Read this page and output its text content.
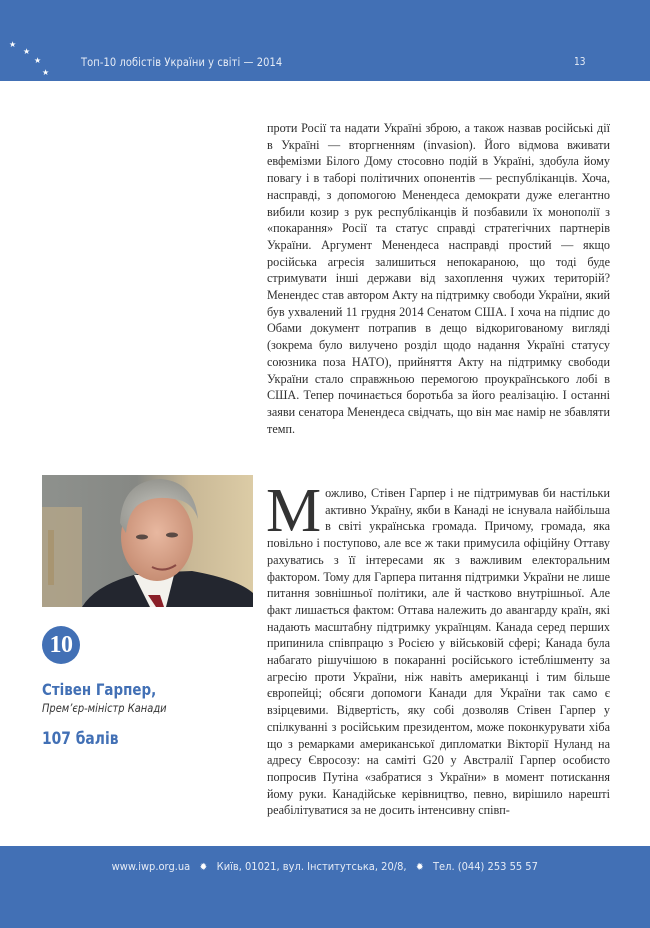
★
★
★
★
Топ-10 лобістів України у світі — 2014	13
проти Росії та надати Україні зброю, а також назвав російські дії в Україні — вторгненням (invasion). Його відмова вживати евфемізми Білого Дому стосовно подій в Україні, здобула йому повагу і в таборі політичних опонентів — республіканців. Хоча, насправді, з допомогою Менендеса демократи дуже елегантно вибили козир з рук республіканців й позбавили їх монополії з «покарання» Росії та статус справді стратегічних партнерів України. Аргумент Менендеса насправді простий — якщо російська агресія залишиться непокараною, що тоді буде стримувати інші держави від захоплення чужих територій? Менендес став автором Акту на підтримку свободи України, який був ухвалений 11 грудня 2014 Сенатом США. І хоча на підпис до Обами документ потрапив в дещо відкоригованому вигляді (зокрема було вилучено розділ щодо надання Україні статусу союзника поза НАТО), прийняття Акту на підтримку свободи України стало справжньою перемогою проукраїнського лобі в США. Тепер починається боротьба за його реалізацію. І останні заяви сенатора Менендеса свідчать, що він має намір не збавляти темп.
10
Стівен Гарпер,
Прем’єр-міністр Канади
107 балів
М ожливо, Стівен Гарпер і не підтримував би настільки активно Україну, якби в Канаді не існувала найбільша в світі українська громада. Причому, громада, яка повільно і поступово, але все ж таки примусила офіційну Оттаву рахуватись з її інтересами як з важливим електоральним фактором. Тому для Гарпера питання підтримки України не лише питання зовнішньої політики, але й частково внутрішньої. Але факт лишається фактом: Оттава належить до авангарду країн, які надають масштабну підтримку українцям. Канада серед перших припинила співпрацю з Росією у військовій сфері; Канада була набагато рішучішою в покаранні російського істеблішменту за агресію проти України, ніж навіть американці і тим більше європейці; обсяги допомоги Канади для України так само є взірцевими. Відвертість, яку собі дозволяв Стівен Гарпер у спілкуванні з російським президентом, може поконкурувати хіба що з ремарками американської дипломатки Вікторії Нуланд на адресу Євросозу: на саміті G20 у Австралії Гарпер особисто попросив Путіна «забратися з України» в момент потискання йому руки. Канадійське керівництво, певно, вирішило нарешті реабілітуватися за не досить інтенсивну співп-
www.iwp.org.ua ✹ Київ, 01021, вул. Інститутська, 20/8, ✹ Тел. (044) 253 55 57
